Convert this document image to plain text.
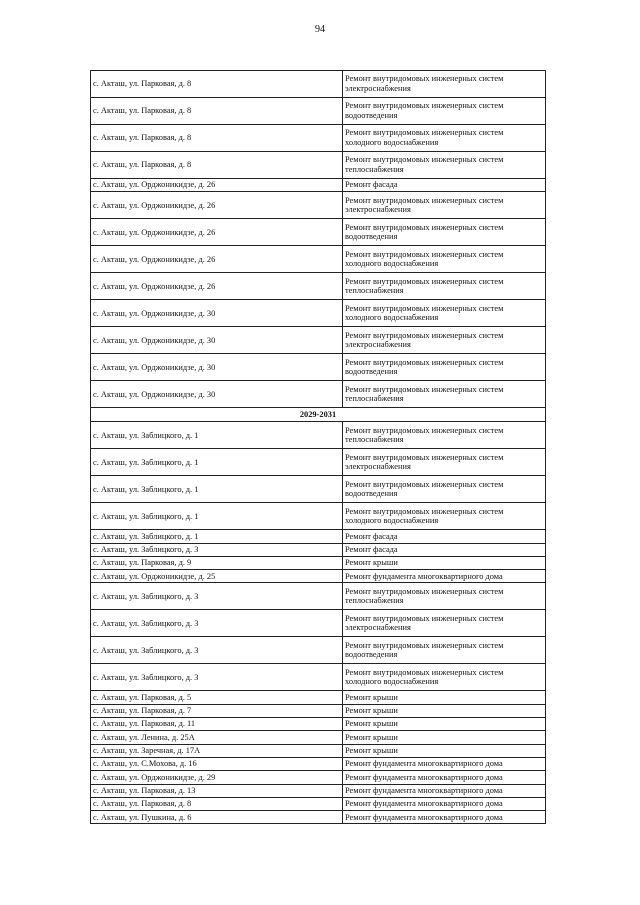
94
с. Акташ, ул. Парковая, д. 8	Ремонт внутридомовых инженерных систем
электроснабжения

с. Акташ, ул. Парковая, д. 8	Ремонт внутридомовых инженерных систем
водоотведения

с. Акташ, ул. Парковая, д. 8	Ремонт внутридомовых инженерных систем
холодного водоснабжения

с. Акташ, ул. Парковая, д. 8	Ремонт внутридомовых инженерных систем
теплоснабжения

с. Акташ, ул. Орджоникидзе, д. 26	Ремонт фасада

с. Акташ, ул. Орджоникидзе, д. 26	Ремонт внутридомовых инженерных систем
электроснабжения

с. Акташ, ул. Орджоникидзе, д. 26	Ремонт внутридомовых инженерных систем
водоотведения

с. Акташ, ул. Орджоникидзе, д. 26	Ремонт внутридомовых инженерных систем
холодного водоснабжения

с. Акташ, ул. Орджоникидзе, д. 26	Ремонт внутридомовых инженерных систем
теплоснабжения

с. Акташ, ул. Орджоникидзе, д. 30	Ремонт внутридомовых инженерных систем
холодного водоснабжения

с. Акташ, ул. Орджоникидзе, д. 30	Ремонт внутридомовых инженерных систем
электроснабжения

с. Акташ, ул. Орджоникидзе, д. 30	Ремонт внутридомовых инженерных систем
водоотведения

с. Акташ, ул. Орджоникидзе, д. 30	Ремонт внутридомовых инженерных систем
теплоснабжения

2029-2031	
с. Акташ, ул. Заблицкого, д. 1	Ремонт внутридомовых инженерных систем
теплоснабжения

с. Акташ, ул. Заблицкого, д. 1	Ремонт внутридомовых инженерных систем
электроснабжения

с. Акташ, ул. Заблицкого, д. 1	Ремонт внутридомовых инженерных систем
водоотведения

с. Акташ, ул. Заблицкого, д. 1	Ремонт внутридомовых инженерных систем
холодного водоснабжения

с. Акташ, ул. Заблицкого, д. 1	Ремонт фасада

с. Акташ, ул. Заблицкого, д. 3	Ремонт фасада

с. Акташ, ул. Парковая, д. 9	Ремонт крыши

с. Акташ, ул. Орджоникидзе, д. 25	Ремонт фундамента многоквартирного дома

с. Акташ, ул. Заблицкого, д. 3	Ремонт внутридомовых инженерных систем
теплоснабжения

с. Акташ, ул. Заблицкого, д. 3	Ремонт внутридомовых инженерных систем
электроснабжения

с. Акташ, ул. Заблицкого, д. 3	Ремонт внутридомовых инженерных систем
водоотведения

с. Акташ, ул. Заблицкого, д. 3	Ремонт внутридомовых инженерных систем
холодного водоснабжения

с. Акташ, ул. Парковая, д. 5	Ремонт крыши

с. Акташ, ул. Парковая, д. 7	Ремонт крыши

с. Акташ, ул. Парковая, д. 11	Ремонт крыши

с. Акташ, ул. Ленина, д. 25А	Ремонт крыши

с. Акташ, ул. Заречная, д. 17А	Ремонт крыши

с. Акташ, ул. С.Мохова, д. 16	Ремонт фундамента многоквартирного дома

с. Акташ, ул. Орджоникидзе, д. 29	Ремонт фундамента многоквартирного дома

с. Акташ, ул. Парковая, д. 13	Ремонт фундамента многоквартирного дома

с. Акташ, ул. Парковая, д. 8	Ремонт фундамента многоквартирного дома

с. Акташ, ул. Пушкина, д. 6	Ремонт фундамента многоквартирного дома
